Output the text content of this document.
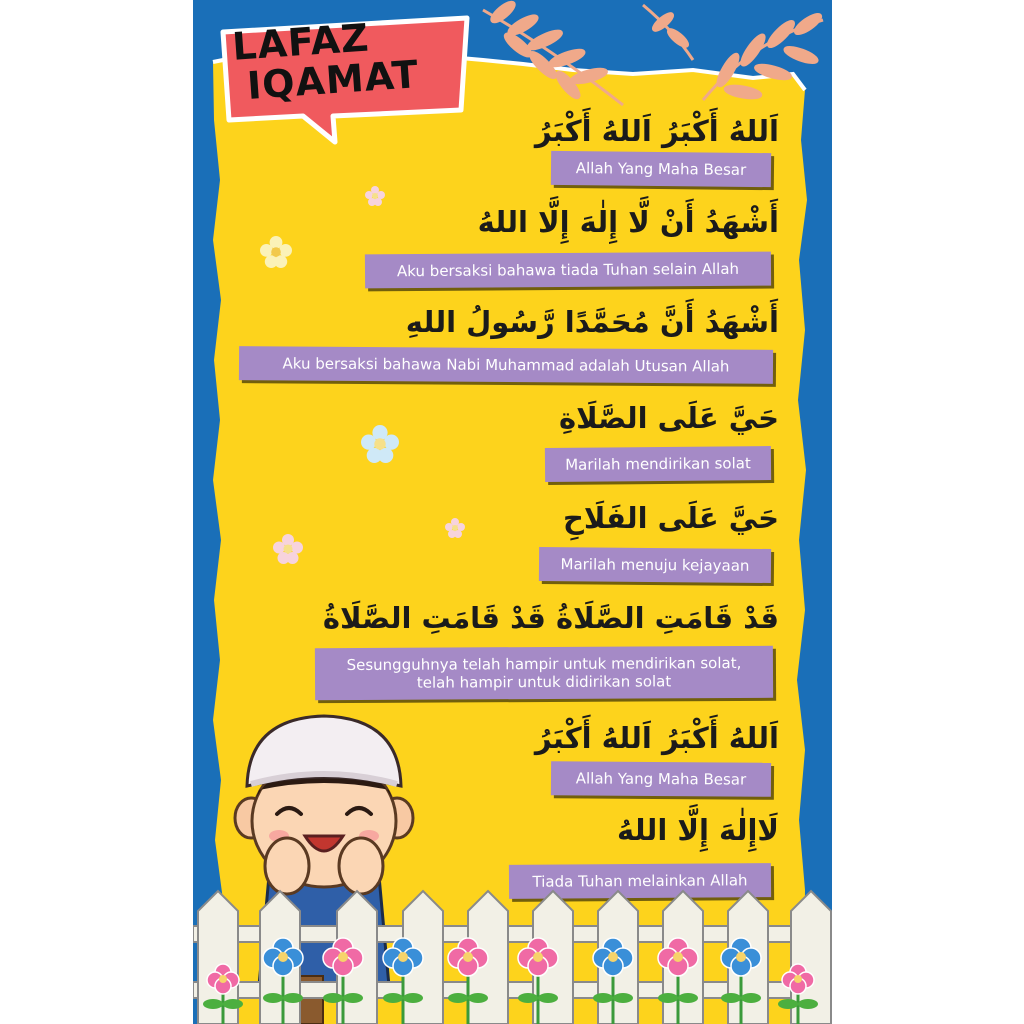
LAFAZ
IQAMAT
اَللهُ أَكْبَرُ اَللهُ أَكْبَرُ
Allah Yang Maha Besar
أَشْهَدُ أَنْ لَّا إِلٰهَ إِلَّا اللهُ
Aku bersaksi bahawa tiada Tuhan selain Allah
أَشْهَدُ أَنَّ مُحَمَّدًا رَّسُولُ اللهِ
Aku bersaksi bahawa Nabi Muhammad adalah Utusan Allah
حَيَّ عَلَى الصَّلَاةِ
Marilah mendirikan solat
حَيَّ عَلَى الفَلَاحِ
Marilah menuju kejayaan
قَدْ قَامَتِ الصَّلَاةُ قَدْ قَامَتِ الصَّلَاةُ
Sesungguhnya telah hampir untuk mendirikan solat,
telah hampir untuk didirikan solat
اَللهُ أَكْبَرُ اَللهُ أَكْبَرُ
Allah Yang Maha Besar
لَاإِلٰهَ إِلَّا اللهُ
Tiada Tuhan melainkan Allah
